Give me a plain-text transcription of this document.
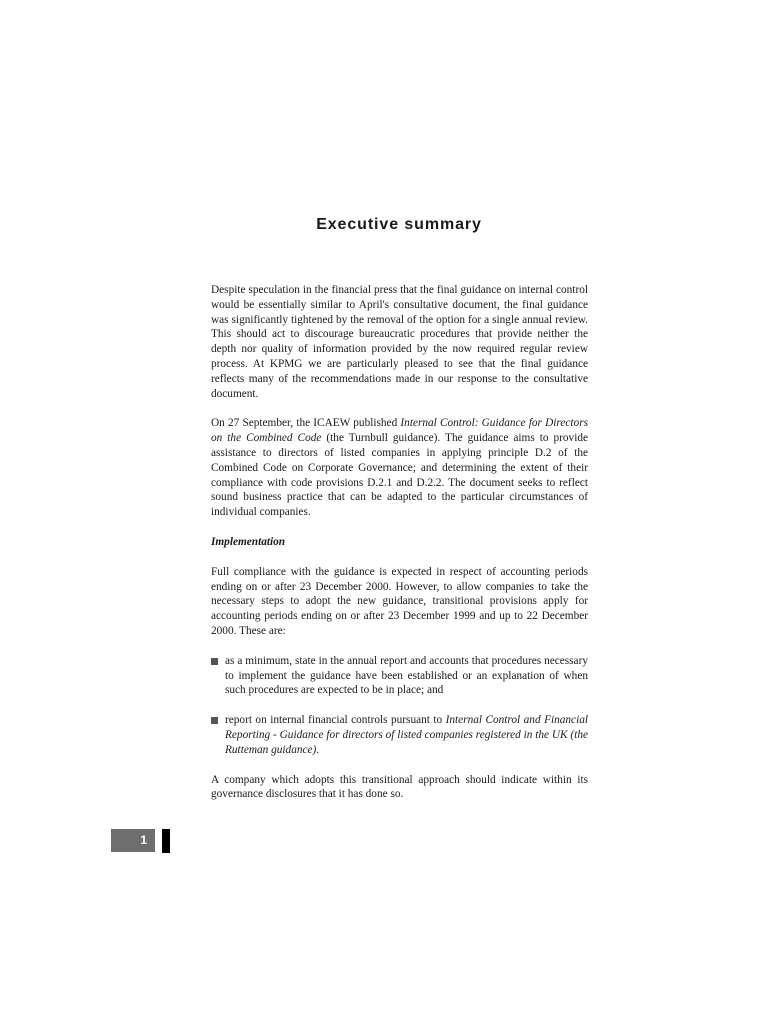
Executive summary

Despite speculation in the financial press that the final guidance on internal control would be essentially similar to April's consultative document, the final guidance was significantly tightened by the removal of the option for a single annual review. This should act to discourage bureaucratic procedures that provide neither the depth nor quality of information provided by the now required regular review process. At KPMG we are particularly pleased to see that the final guidance reflects many of the recommendations made in our response to the consultative document.

On 27 September, the ICAEW published Internal Control: Guidance for Directors on the Combined Code (the Turnbull guidance). The guidance aims to provide assistance to directors of listed companies in applying principle D.2 of the Combined Code on Corporate Governance; and determining the extent of their compliance with code provisions D.2.1 and D.2.2. The document seeks to reflect sound business practice that can be adapted to the particular circumstances of individual companies.

Implementation

Full compliance with the guidance is expected in respect of accounting periods ending on or after 23 December 2000. However, to allow companies to take the necessary steps to adopt the new guidance, transitional provisions apply for accounting periods ending on or after 23 December 1999 and up to 22 December 2000. These are:

as a minimum, state in the annual report and accounts that procedures necessary to implement the guidance have been established or an explanation of when such procedures are expected to be in place; and
report on internal financial controls pursuant to Internal Control and Financial Reporting - Guidance for directors of listed companies registered in the UK (the Rutteman guidance).

A company which adopts this transitional approach should indicate within its governance disclosures that it has done so.

1
